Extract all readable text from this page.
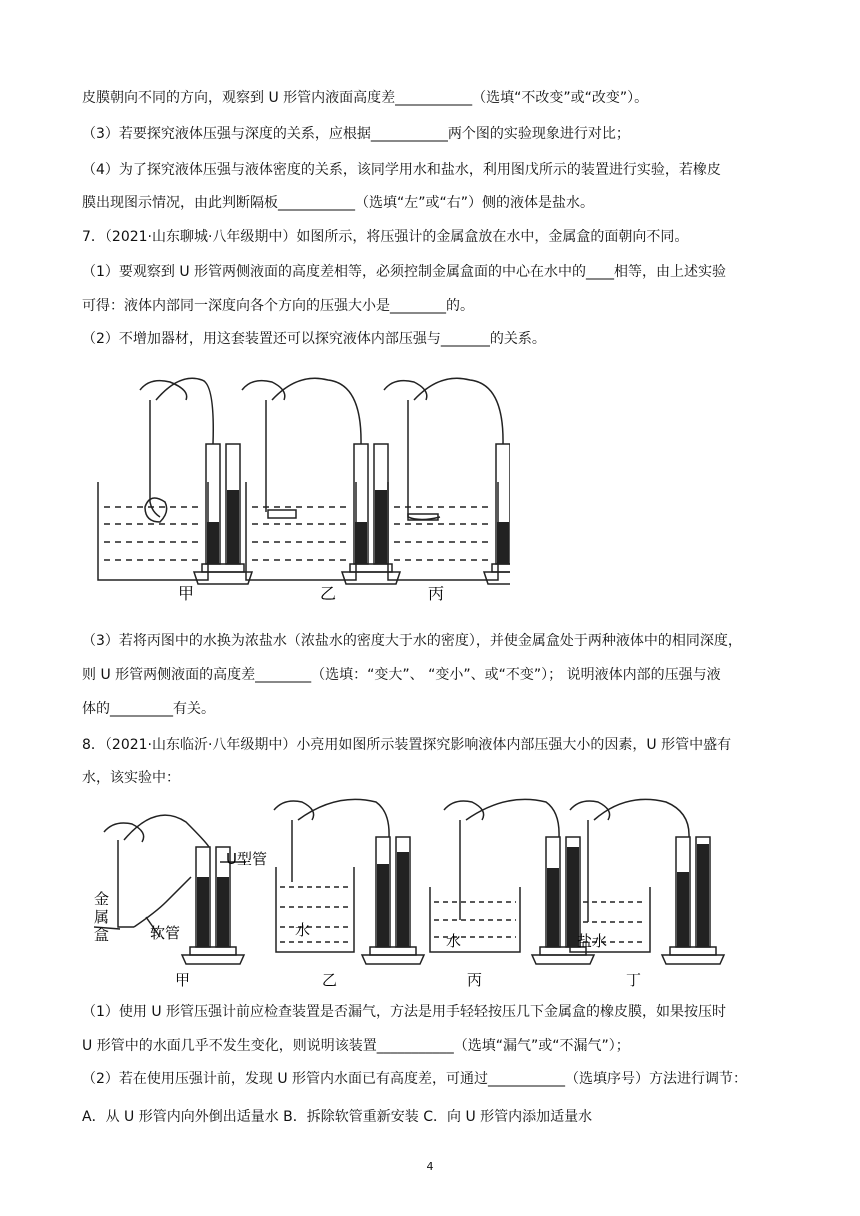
皮膜朝向不同的方向，观察到 U 形管内液面高度差___________（选填“不改变”或“改变”）。
（3）若要探究液体压强与深度的关系，应根据___________两个图的实验现象进行对比；
（4）为了探究液体压强与液体密度的关系，该同学用水和盐水，利用图戊所示的装置进行实验，若橡皮
膜出现图示情况，由此判断隔板___________（选填“左”或“右”）侧的液体是盐水。
7．（2021·山东聊城·八年级期中）如图所示，将压强计的金属盒放在水中，金属盒的面朝向不同。
（1）要观察到 U 形管两侧液面的高度差相等，必须控制金属盒面的中心在水中的____相等，由上述实验
可得：液体内部同一深度向各个方向的压强大小是________的。
（2）不增加器材，用这套装置还可以探究液体内部压强与_______的关系。
甲	乙	丙
（3）若将丙图中的水换为浓盐水（浓盐水的密度大于水的密度），并使金属盒处于两种液体中的相同深度，
则 U 形管两侧液面的高度差________（选填：“变大”、 “变小”、或“不变”）； 说明液体内部的压强与液
体的_________有关。
8．（2021·山东临沂·八年级期中）小亮用如图所示装置探究影响液体内部压强大小的因素，U 形管中盛有
水，该实验中：
U型管
金
属
盒	软管	水
水	盐水
甲	乙	丙	丁
（1）使用 U 形管压强计前应检查装置是否漏气，方法是用手轻轻按压几下金属盒的橡皮膜，如果按压时
U 形管中的水面几乎不发生变化，则说明该装置___________（选填“漏气”或“不漏气”）；
（2）若在使用压强计前，发现 U 形管内水面已有高度差，可通过___________（选填序号）方法进行调节：
A．从 U 形管内向外倒出适量水 B．拆除软管重新安装 C．向 U 形管内添加适量水
4
